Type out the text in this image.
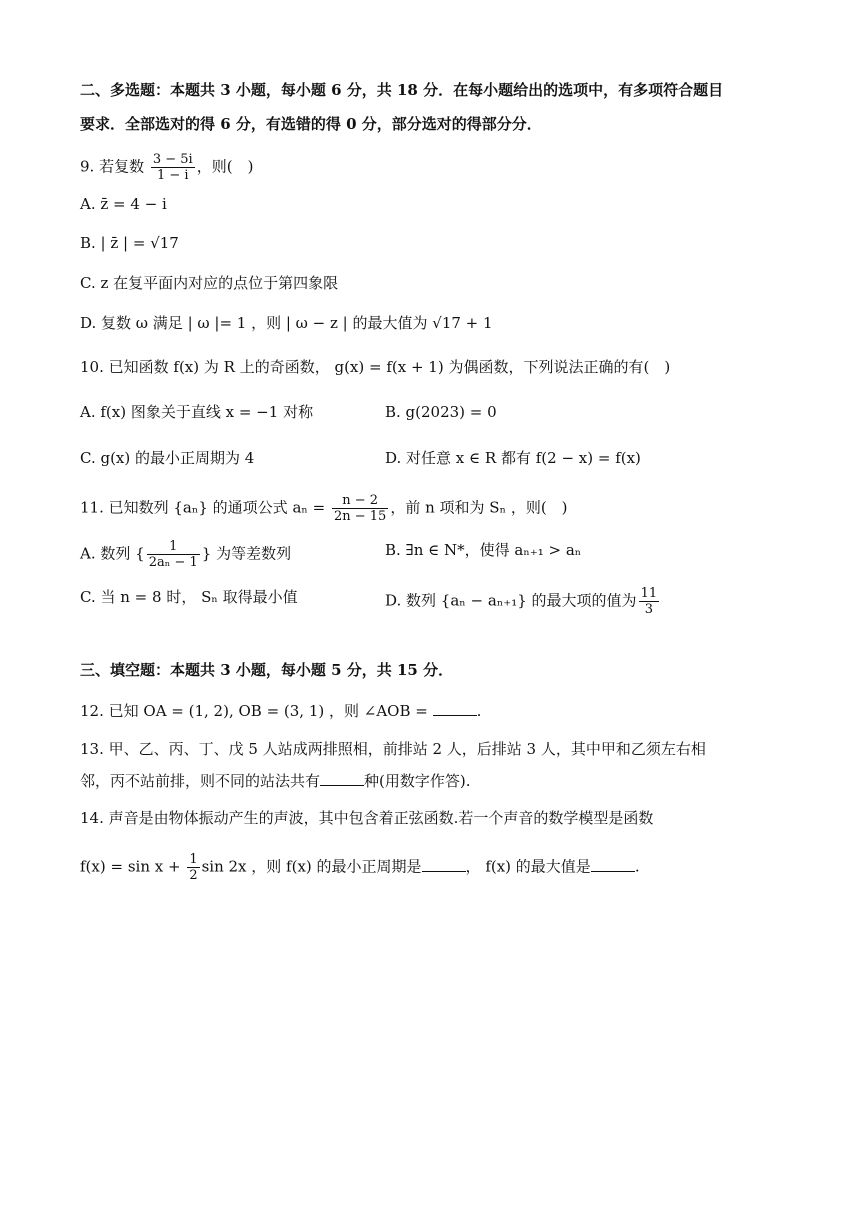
二、多选题：本题共 3 小题，每小题 6 分，共 18 分．在每小题给出的选项中，有多项符合题目
要求．全部选对的得 6 分，有选错的得 0 分，部分选对的得部分分．
9. 若复数 $\frac{3 - 5i}{1 - i}$ ，则(　)
A. z̄ = 4 − i
B. | z̄ | = √17
C. z 在复平面内对应的点位于第四象限
D. 复数 ω 满足 | ω |= 1 ，则 | ω − z | 的最大值为 √17 + 1
10. 已知函数 f(x) 为 R 上的奇函数， g(x) = f(x + 1) 为偶函数，下列说法正确的有(　)
A. f(x) 图象关于直线 x = −1 对称	B. g(2023) = 0
C. g(x) 的最小正周期为 4	D. 对任意 x ∈ R 都有 f(2 − x) = f(x)
11. 已知数列 {aₙ} 的通项公式 $a_n = \frac{n - 2}{2n - 15}$ ，前 n 项和为 Sₙ ，则(　)
A. 数列 { $\frac{1}{\text{2aₙ − 1}}$ } 为等差数列	B. ∃n ∈ N*，使得 aₙ₊₁ > aₙ
C. 当 n = 8 时， Sₙ 取得最小值	D. 数列 {aₙ − aₙ₊₁} 的最大项的值为 $\frac{11}{3}$
三、填空题：本题共 3 小题，每小题 5 分，共 15 分．
12. 已知 OA = (1, 2), OB = (3, 1) ，则 ∠AOB =	.
13. 甲、乙、丙、丁、戊 5 人站成两排照相，前排站 2 人，后排站 3 人，其中甲和乙须左右相
邻，丙不站前排，则不同的站法共有	种(用数字作答).
14. 声音是由物体振动产生的声波，其中包含着正弦函数.若一个声音的数学模型是函数
$f(x) = \sin x + \frac{1}{2}$ sin 2x ，则 f(x) 的最小正周期是	， f(x) 的最大值是	.
